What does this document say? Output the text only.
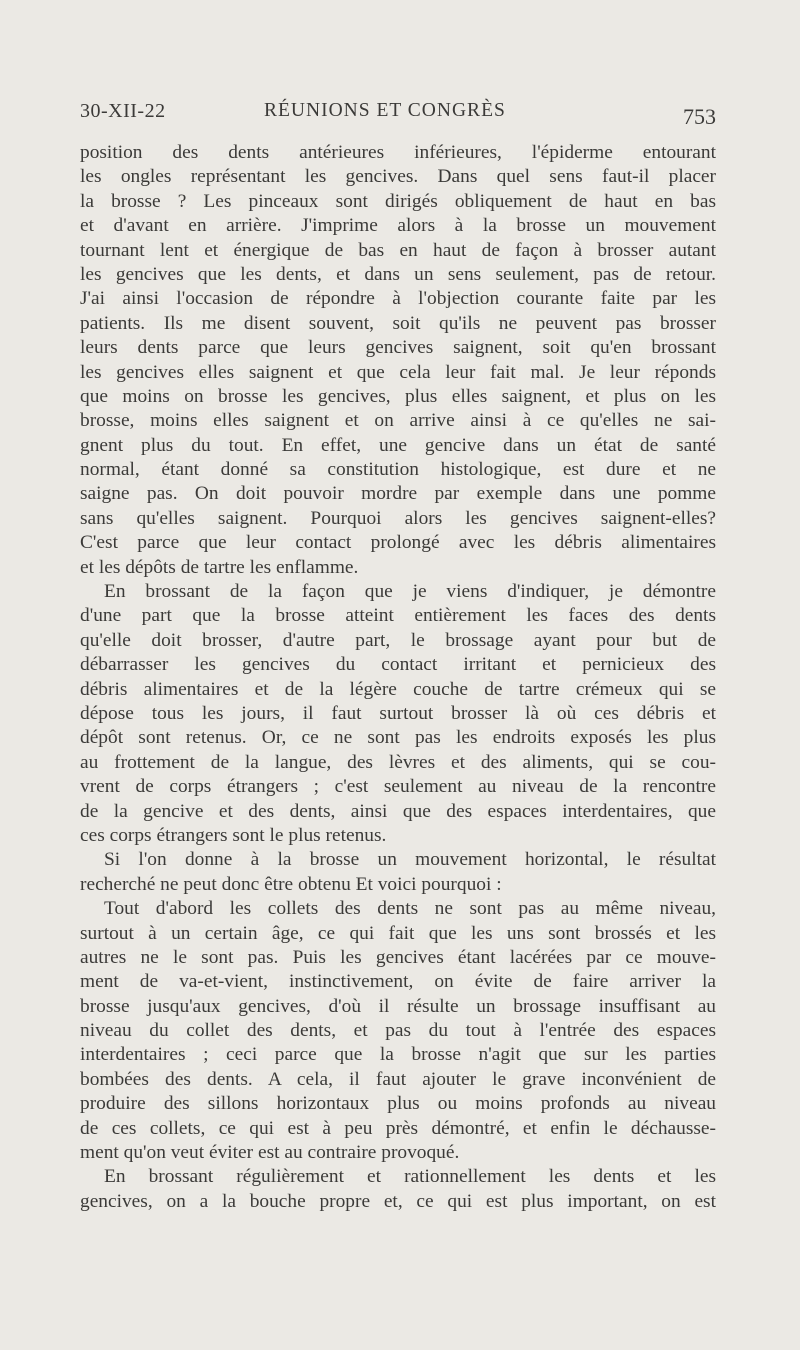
30-XII-22	RÉUNIONS ET CONGRÈS	753
position des dents antérieures inférieures, l'épiderme entourant
les ongles représentant les gencives. Dans quel sens faut-il placer
la brosse ? Les pinceaux sont dirigés obliquement de haut en bas
et d'avant en arrière. J'imprime alors à la brosse un mouvement
tournant lent et énergique de bas en haut de façon à brosser autant
les gencives que les dents, et dans un sens seulement, pas de retour.
J'ai ainsi l'occasion de répondre à l'objection courante faite par les
patients. Ils me disent souvent, soit qu'ils ne peuvent pas brosser
leurs dents parce que leurs gencives saignent, soit qu'en brossant
les gencives elles saignent et que cela leur fait mal. Je leur réponds
que moins on brosse les gencives, plus elles saignent, et plus on les
brosse, moins elles saignent et on arrive ainsi à ce qu'elles ne sai-
gnent plus du tout. En effet, une gencive dans un état de santé
normal, étant donné sa constitution histologique, est dure et ne
saigne pas. On doit pouvoir mordre par exemple dans une pomme
sans qu'elles saignent. Pourquoi alors les gencives saignent-elles?
C'est parce que leur contact prolongé avec les débris alimentaires
et les dépôts de tartre les enflamme.
En brossant de la façon que je viens d'indiquer, je démontre
d'une part que la brosse atteint entièrement les faces des dents
qu'elle doit brosser, d'autre part, le brossage ayant pour but de
débarrasser les gencives du contact irritant et pernicieux des
débris alimentaires et de la légère couche de tartre crémeux qui se
dépose tous les jours, il faut surtout brosser là où ces débris et
dépôt sont retenus. Or, ce ne sont pas les endroits exposés les plus
au frottement de la langue, des lèvres et des aliments, qui se cou-
vrent de corps étrangers ; c'est seulement au niveau de la rencontre
de la gencive et des dents, ainsi que des espaces interdentaires, que
ces corps étrangers sont le plus retenus.
Si l'on donne à la brosse un mouvement horizontal, le résultat
recherché ne peut donc être obtenu Et voici pourquoi :
Tout d'abord les collets des dents ne sont pas au même niveau,
surtout à un certain âge, ce qui fait que les uns sont brossés et les
autres ne le sont pas. Puis les gencives étant lacérées par ce mouve-
ment de va-et-vient, instinctivement, on évite de faire arriver la
brosse jusqu'aux gencives, d'où il résulte un brossage insuffisant au
niveau du collet des dents, et pas du tout à l'entrée des espaces
interdentaires ; ceci parce que la brosse n'agit que sur les parties
bombées des dents. A cela, il faut ajouter le grave inconvénient de
produire des sillons horizontaux plus ou moins profonds au niveau
de ces collets, ce qui est à peu près démontré, et enfin le déchausse-
ment qu'on veut éviter est au contraire provoqué.
En brossant régulièrement et rationnellement les dents et les
gencives, on a la bouche propre et, ce qui est plus important, on est
